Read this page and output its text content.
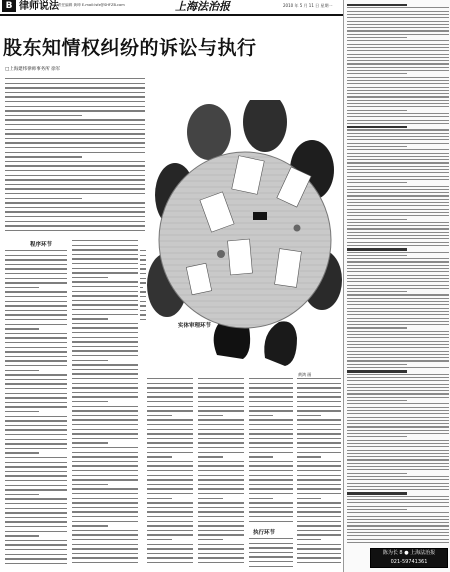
B 律师说法 责任编辑 黄坤 E-mail:lsfz@SHFZB.com	上海法治报	2010 年 5 月 11 日 星期一
陈为长 8 ● 上海法治报
021-59741361
股东知情权纠纷的诉讼与执行
□上海建纬律师事务所 徐军
程序环节
实体审理环节
执行环节
黄鸿 画
